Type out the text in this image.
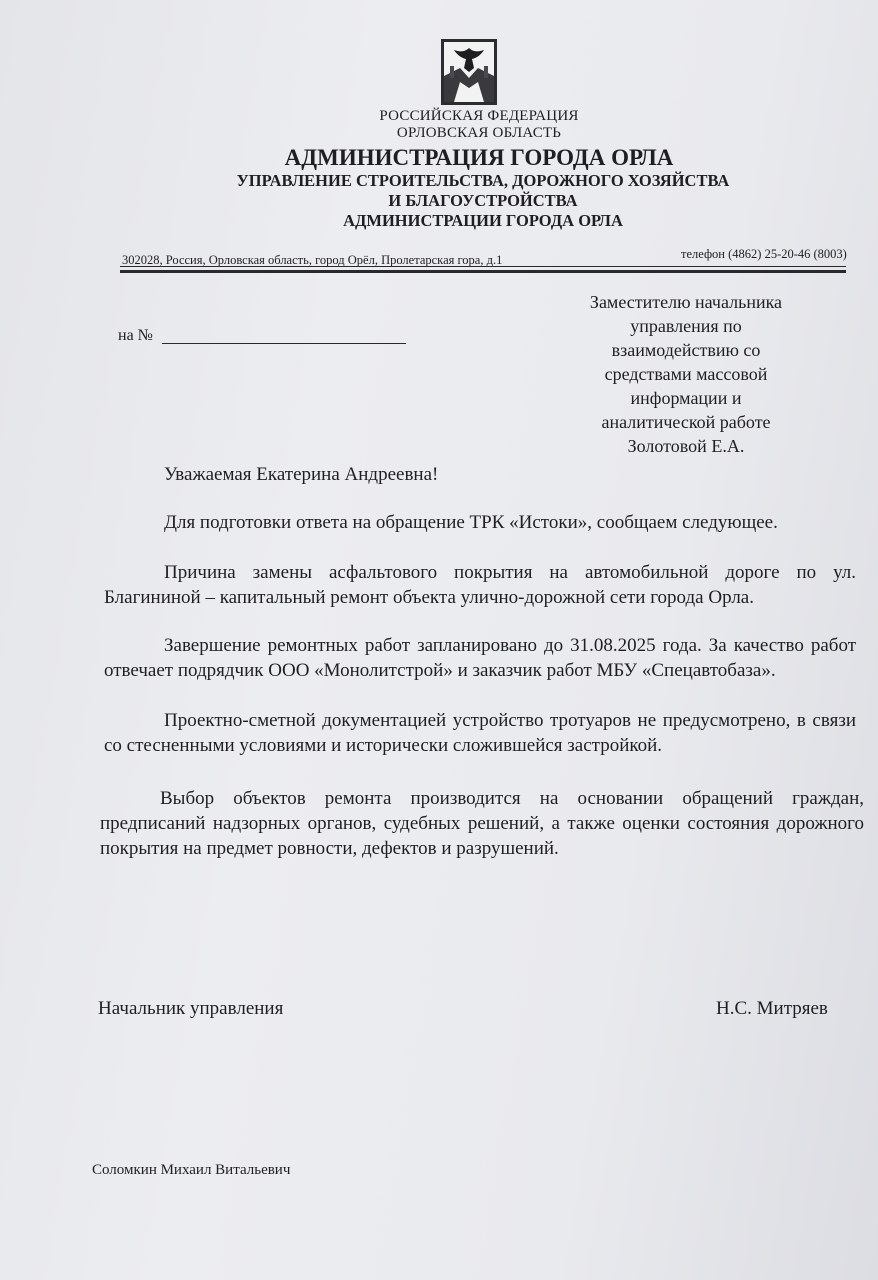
РОССИЙСКАЯ ФЕДЕРАЦИЯ
ОРЛОВСКАЯ ОБЛАСТЬ
АДМИНИСТРАЦИЯ ГОРОДА ОРЛА
УПРАВЛЕНИЕ СТРОИТЕЛЬСТВА, ДОРОЖНОГО ХОЗЯЙСТВА
И БЛАГОУСТРОЙСТВА
АДМИНИСТРАЦИИ ГОРОДА ОРЛА
302028, Россия, Орловская область, город Орёл, Пролетарская гора, д.1	телефон (4862) 25-20-46 (8003)
на №
Заместителю начальника
управления по
взаимодействию со
средствами массовой
информации и
аналитической работе
Золотовой Е.А.
Уважаемая Екатерина Андреевна!

Для подготовки ответа на обращение ТРК «Истоки», сообщаем следующее.

Причина замены асфальтового покрытия на автомобильной дороге по ул. Благининой – капитальный ремонт объекта улично-дорожной сети города Орла.

Завершение ремонтных работ запланировано до 31.08.2025 года. За качество работ отвечает подрядчик ООО «Монолитстрой» и заказчик работ МБУ «Спецавтобаза».

Проектно-сметной документацией устройство тротуаров не предусмотрено, в связи со стесненными условиями и исторически сложившейся застройкой.

Выбор объектов ремонта производится на основании обращений граждан, предписаний надзорных органов, судебных решений, а также оценки состояния дорожного покрытия на предмет ровности, дефектов и разрушений.

Начальник управления	Н.С. Митряев
Соломкин Михаил Витальевич
